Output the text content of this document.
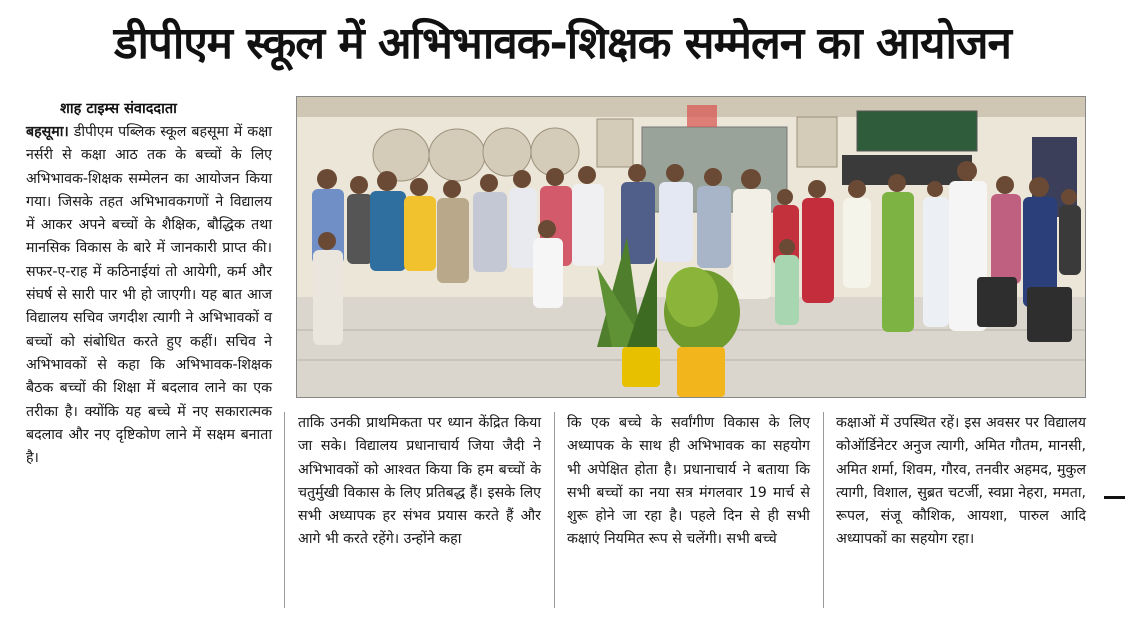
डीपीएम स्कूल में अभिभावक-शिक्षक सम्मेलन का आयोजन
शाह टाइम्स संवाददाता
बहसूमा। डीपीएम पब्लिक स्कूल बहसूमा में कक्षा नर्सरी से कक्षा आठ तक के बच्चों के लिए अभिभावक-शिक्षक सम्मेलन का आयोजन किया गया। जिसके तहत अभिभावकगणों ने विद्यालय में आकर अपने बच्चों के शैक्षिक, बौद्धिक तथा मानसिक विकास के बारे में जानकारी प्राप्त की। सफर-ए-राह में कठिनाईयां तो आयेगी, कर्म और संघर्ष से सारी पार भी हो जाएगी। यह बात आज विद्यालय सचिव जगदीश त्यागी ने अभिभावकों व बच्चों को संबोधित करते हुए कहीं। सचिव ने अभिभावकों से कहा कि अभिभावक-शिक्षक बैठक बच्चों की शिक्षा में बदलाव लाने का एक तरीका है। क्योंकि यह बच्चे में नए सकारात्मक बदलाव और नए दृष्टिकोण लाने में सक्षम बनाता है।
ताकि उनकी प्राथमिकता पर ध्यान केंद्रित किया जा सके। विद्यालय प्रधानाचार्य जिया जैदी ने अभिभावकों को आश्वत किया कि हम बच्चों के चतुर्मुखी विकास के लिए प्रतिबद्ध हैं। इसके लिए सभी अध्यापक हर संभव प्रयास करते हैं और आगे भी करते रहेंगे। उन्होंने कहा
कि एक बच्चे के सर्वांगीण विकास के लिए अध्यापक के साथ ही अभिभावक का सहयोग भी अपेक्षित होता है। प्रधानाचार्य ने बताया कि सभी बच्चों का नया सत्र मंगलवार 19 मार्च से शुरू होने जा रहा है। पहले दिन से ही सभी कक्षाएं नियमित रूप से चलेंगी। सभी बच्चे
कक्षाओं में उपस्थित रहें। इस अवसर पर विद्यालय कोऑर्डिनेटर अनुज त्यागी, अमित गौतम, मानसी, अमित शर्मा, शिवम, गौरव, तनवीर अहमद, मुकुल त्यागी, विशाल, सुब्रत चटर्जी, स्वप्ना नेहरा, ममता, रूपल, संजू कौशिक, आयशा, पारुल आदि अध्यापकों का सहयोग रहा।
